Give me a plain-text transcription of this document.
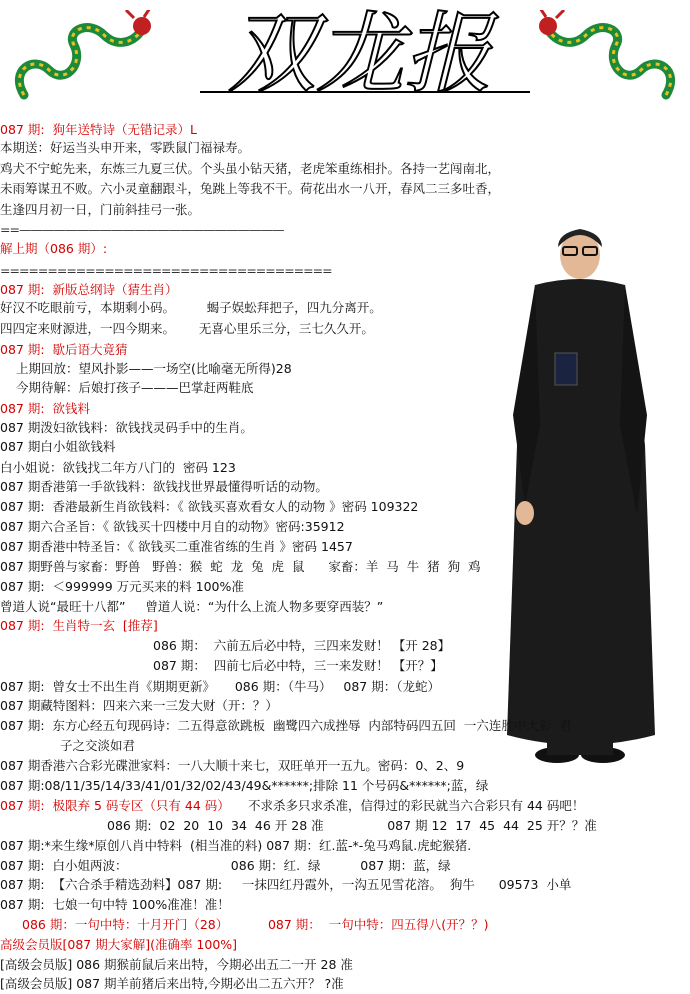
双龙报
087 期:  狗年送特诗（无错记录）L
本期送：好运当头申开来，零跌鼠门福禄寿。
鸡犬不宁蛇先来，东炼三九夏三伏。个头虽小钻天猪，老虎笨重练相扑。各持一艺闯南北，
未雨筹谋丑不败。六小灵童翻跟斗，兔跳上等我不干。荷花出水一八开，春风二三多吐香，
生逢四月初一日，门前斜挂弓一张。
==———————————————————————
解上期（086 期）:
===================================
087 期:  新版总纲诗（猜生肖）
好汉不吃眼前亏，本期剩小码。        蝎子娱蚣拜把子，四九分离开。
四四定来财源进，一四今期来。      无喜心里乐三分，三七久久开。
087 期:  歇后语大竟猜
上期回放：望风扑影——一场空(比喻毫无所得)28
今期待解：后娘打孩子———巴掌赶两鞋底
087 期:  欲钱料
087 期泼妇欲钱料：欲钱找灵码手中的生肖。
087 期白小姐欲钱料
白小姐说：欲钱找二年方八门的  密码 123
087 期香港第一手欲钱料：欲钱找世界最懂得听话的动物。
087 期:  香港最新生肖欲钱料：《 欲钱买喜欢看女人的动物 》密码 109322
087 期六合圣旨：《 欲钱买十四楼中月自的动物》密码:35912
087 期香港中特圣旨：《 欲钱买二重准省练的生肖 》密码 1457
087 期野兽与家畜：野兽   野兽：猴  蛇  龙  兔  虎  鼠      家畜：羊  马  牛  猪  狗  鸡
087 期:  ＜999999 万元买来的料 100%准
曾道人说“最旺十八都”     曾道人说：“为什么上流人物多要穿西装？”
087 期:  生肖特一玄  [推荐]
086 期：  六前五后必中特，三四来发财！ 【开 28】
087 期：  四前七后必中特，三一来发财！ 【开？】
087 期:  曾女士不出生肖《期期更新》     086 期：（牛马）   087 期：（龙蛇）
087 期藏特图料：四来六来一三发大财（开：？）
087 期:  东方心经五句现码诗：二五得意欲跳板  幽鹭四六成挫辱  内部特码四五回  一六连胜中大彩  君
子之交淡如君
087 期香港六合彩光碟泄家料：一八大顺十来七，双旺单开一五九。密码：0、2、9
087 期:08/11/35/14/33/41/01/32/02/43/49&******;排除 11 个号码&******;蓝，绿
087 期:  极限弃 5 码专区（只有 44 码） 不求杀多只求杀准，信得过的彩民就当六合彩只有 44 码吧！
086 期:  02  20  10  34  46 开 28 准                087 期 12  17  45  44  25 开？？准
087 期:*来生缘*原创八肖中特料  (相当准的料) 087 期：红.蓝-*-兔马鸡鼠.虎蛇猴猪.
087 期:  白小姐两波：                          086 期：红.  绿          087 期：蓝，绿
087 期:  【六合杀手精选劲料】087 期:     一抹四红丹霞外，一沟五见雪花溶。  狗牛      09573  小单
087 期:  七娘一句中特 100%准准！准！
086 期：一句中特：十月开门（28）          087 期：  一句中特：四五得八(开？？)
高级会员版[087 期大家解](准确率 100%]
[高级会员版] 086 期猴前鼠后来出特，今期必出五二一开 28 准
[高级会员版] 087 期羊前猪后来出特,今期必出二五六开？ ?准
